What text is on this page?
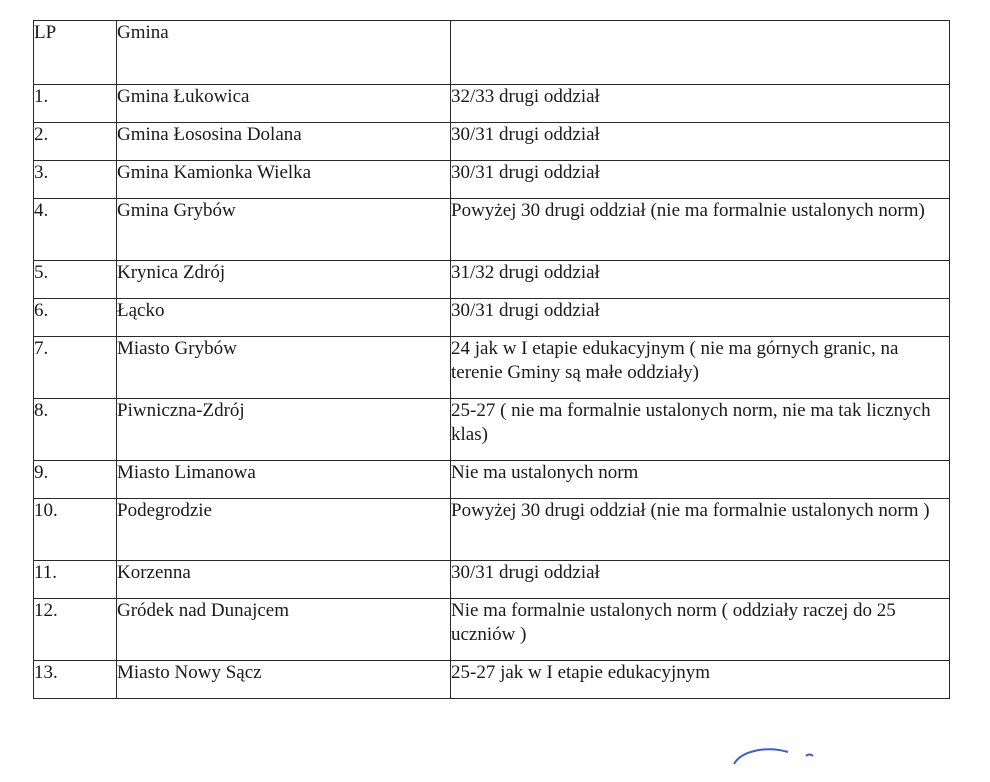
LP	Gmina	
1.	Gmina Łukowica	32/33 drugi oddział
2.	Gmina Łososina Dolana	30/31 drugi oddział
3.	Gmina Kamionka Wielka	30/31 drugi oddział
4.	Gmina Grybów	Powyżej 30 drugi oddział (nie ma formalnie ustalonych norm)
5.	Krynica Zdrój	31/32 drugi oddział
6.	Łącko	30/31 drugi oddział
7.	Miasto Grybów	24 jak w I etapie edukacyjnym ( nie ma górnych granic, na terenie Gminy są małe oddziały)
8.	Piwniczna-Zdrój	25-27 ( nie ma formalnie ustalonych norm, nie ma tak licznych klas)
9.	Miasto Limanowa	Nie ma ustalonych norm
10.	Podegrodzie	Powyżej 30 drugi oddział (nie ma formalnie ustalonych norm )
11.	Korzenna	30/31 drugi oddział
12.	Gródek nad Dunajcem	Nie ma formalnie ustalonych norm ( oddziały raczej do 25 uczniów )
13.	Miasto Nowy Sącz	25-27 jak w I etapie edukacyjnym
